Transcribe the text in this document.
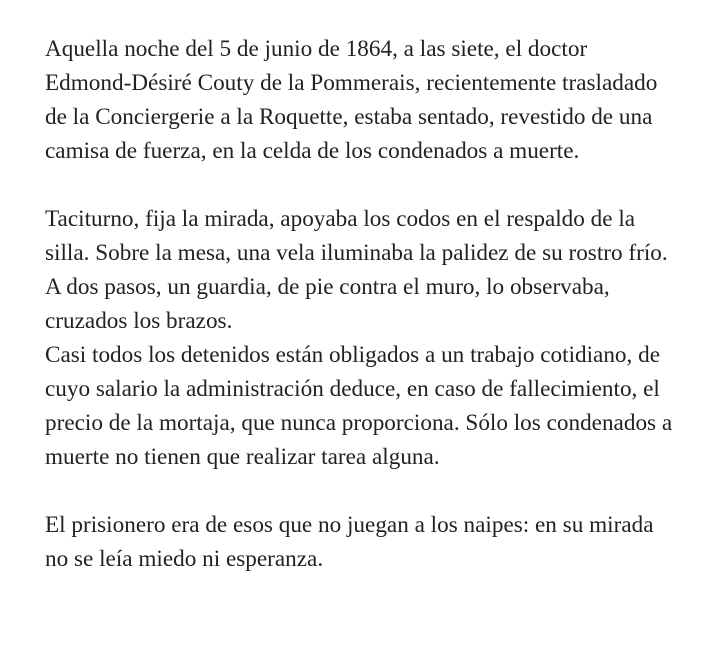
Aquella noche del 5 de junio de 1864, a las siete, el doctor Edmond-Désiré Couty de la Pommerais, recientemente trasladado de la Conciergerie a la Roquette, estaba sentado, revestido de una camisa de fuerza, en la celda de los condenados a muerte.

Taciturno, fija la mirada, apoyaba los codos en el respaldo de la silla. Sobre la mesa, una vela iluminaba la palidez de su rostro frío. A dos pasos, un guardia, de pie contra el muro, lo observaba, cruzados los brazos.

Casi todos los detenidos están obligados a un trabajo cotidiano, de cuyo salario la administración deduce, en caso de fallecimiento, el precio de la mortaja, que nunca proporciona. Sólo los condenados a muerte no tienen que realizar tarea alguna.

El prisionero era de esos que no juegan a los naipes: en su mirada no se leía miedo ni esperanza.
